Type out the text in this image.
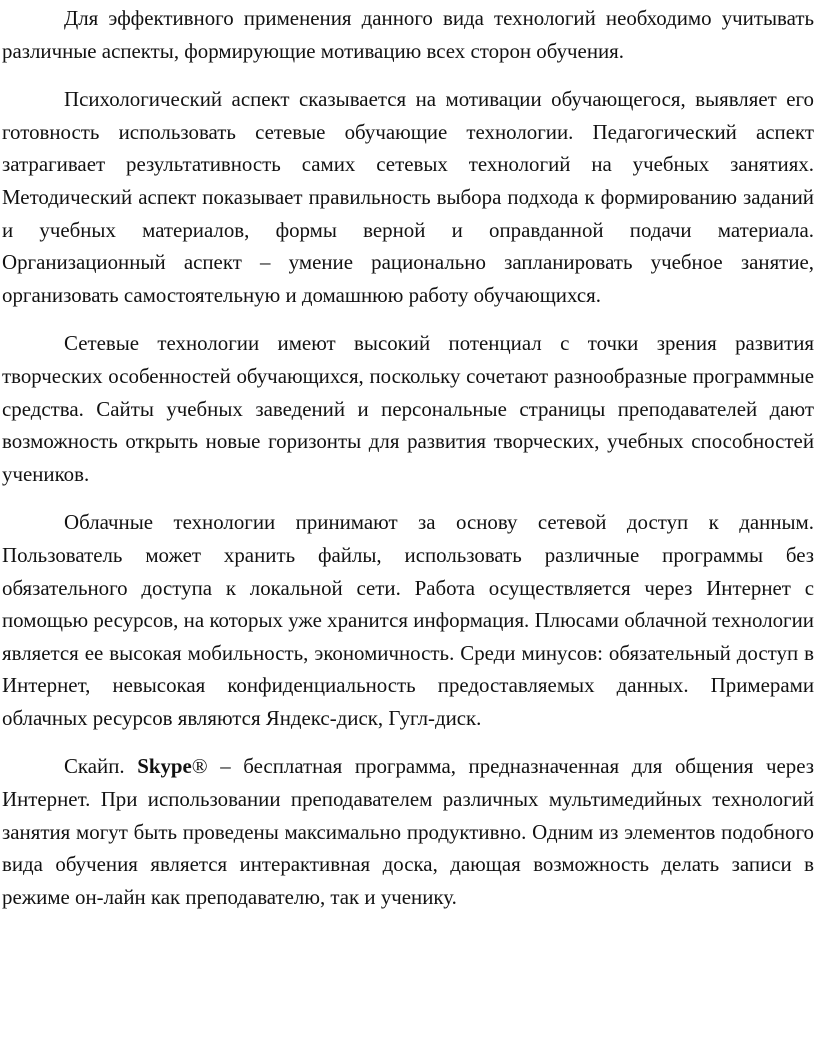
Для эффективного применения данного вида технологий необходимо учитывать различные аспекты, формирующие мотивацию всех сторон обучения.

Психологический аспект сказывается на мотивации обучающегося, выявляет его готовность использовать сетевые обучающие технологии. Педагогический аспект затрагивает результативность самих сетевых технологий на учебных занятиях. Методический аспект показывает правильность выбора подхода к формированию заданий и учебных материалов, формы верной и оправданной подачи материала. Организационный аспект – умение рационально запланировать учебное занятие, организовать самостоятельную и домашнюю работу обучающихся.

Сетевые технологии имеют высокий потенциал с точки зрения развития творческих особенностей обучающихся, поскольку сочетают разнообразные программные средства. Сайты учебных заведений и персональные страницы преподавателей дают возможность открыть новые горизонты для развития творческих, учебных способностей учеников.

Облачные технологии принимают за основу сетевой доступ к данным. Пользователь может хранить файлы, использовать различные программы без обязательного доступа к локальной сети. Работа осуществляется через Интернет с помощью ресурсов, на которых уже хранится информация. Плюсами облачной технологии является ее высокая мобильность, экономичность. Среди минусов: обязательный доступ в Интернет, невысокая конфиденциальность предоставляемых данных. Примерами облачных ресурсов являются Яндекс-диск, Гугл-диск.

Скайп. Skype® – бесплатная программа, предназначенная для общения через Интернет. При использовании преподавателем различных мультимедийных технологий занятия могут быть проведены максимально продуктивно. Одним из элементов подобного вида обучения является интерактивная доска, дающая возможность делать записи в режиме он-лайн как преподавателю, так и ученику.
